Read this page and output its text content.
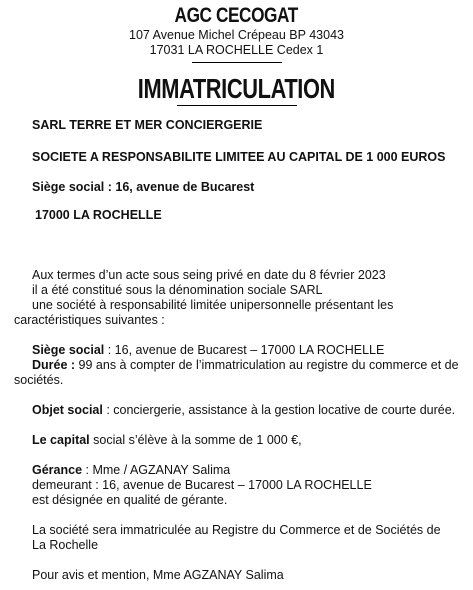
AGC CECOGAT
107 Avenue Michel Crépeau BP 43043
17031 LA ROCHELLE Cedex 1
IMMATRICULATION
SARL TERRE ET MER CONCIERGERIE
SOCIETE A RESPONSABILITE LIMITEE AU CAPITAL DE 1 000 EUROS
Siège social : 16, avenue de Bucarest
17000 LA ROCHELLE

Aux termes d’un acte sous seing privé en date du 8 février 2023

il a été constitué sous la dénomination sociale SARL

une société à responsabilité limitée unipersonnelle présentant les caractéristiques suivantes :

Siège social : 16, avenue de Bucarest – 17000 LA ROCHELLE

Durée : 99 ans à compter de l’immatriculation au registre du commerce et de sociétés.

Objet social : conciergerie, assistance à la gestion locative de courte durée.

Le capital social s’élève à la somme de 1 000 €,

Gérance : Mme / AGZANAY Salima

demeurant : 16, avenue de Bucarest – 17000 LA ROCHELLE

est désignée en qualité de gérante.

La société sera immatriculée au Registre du Commerce et de Sociétés de

La Rochelle

Pour avis et mention, Mme AGZANAY Salima
